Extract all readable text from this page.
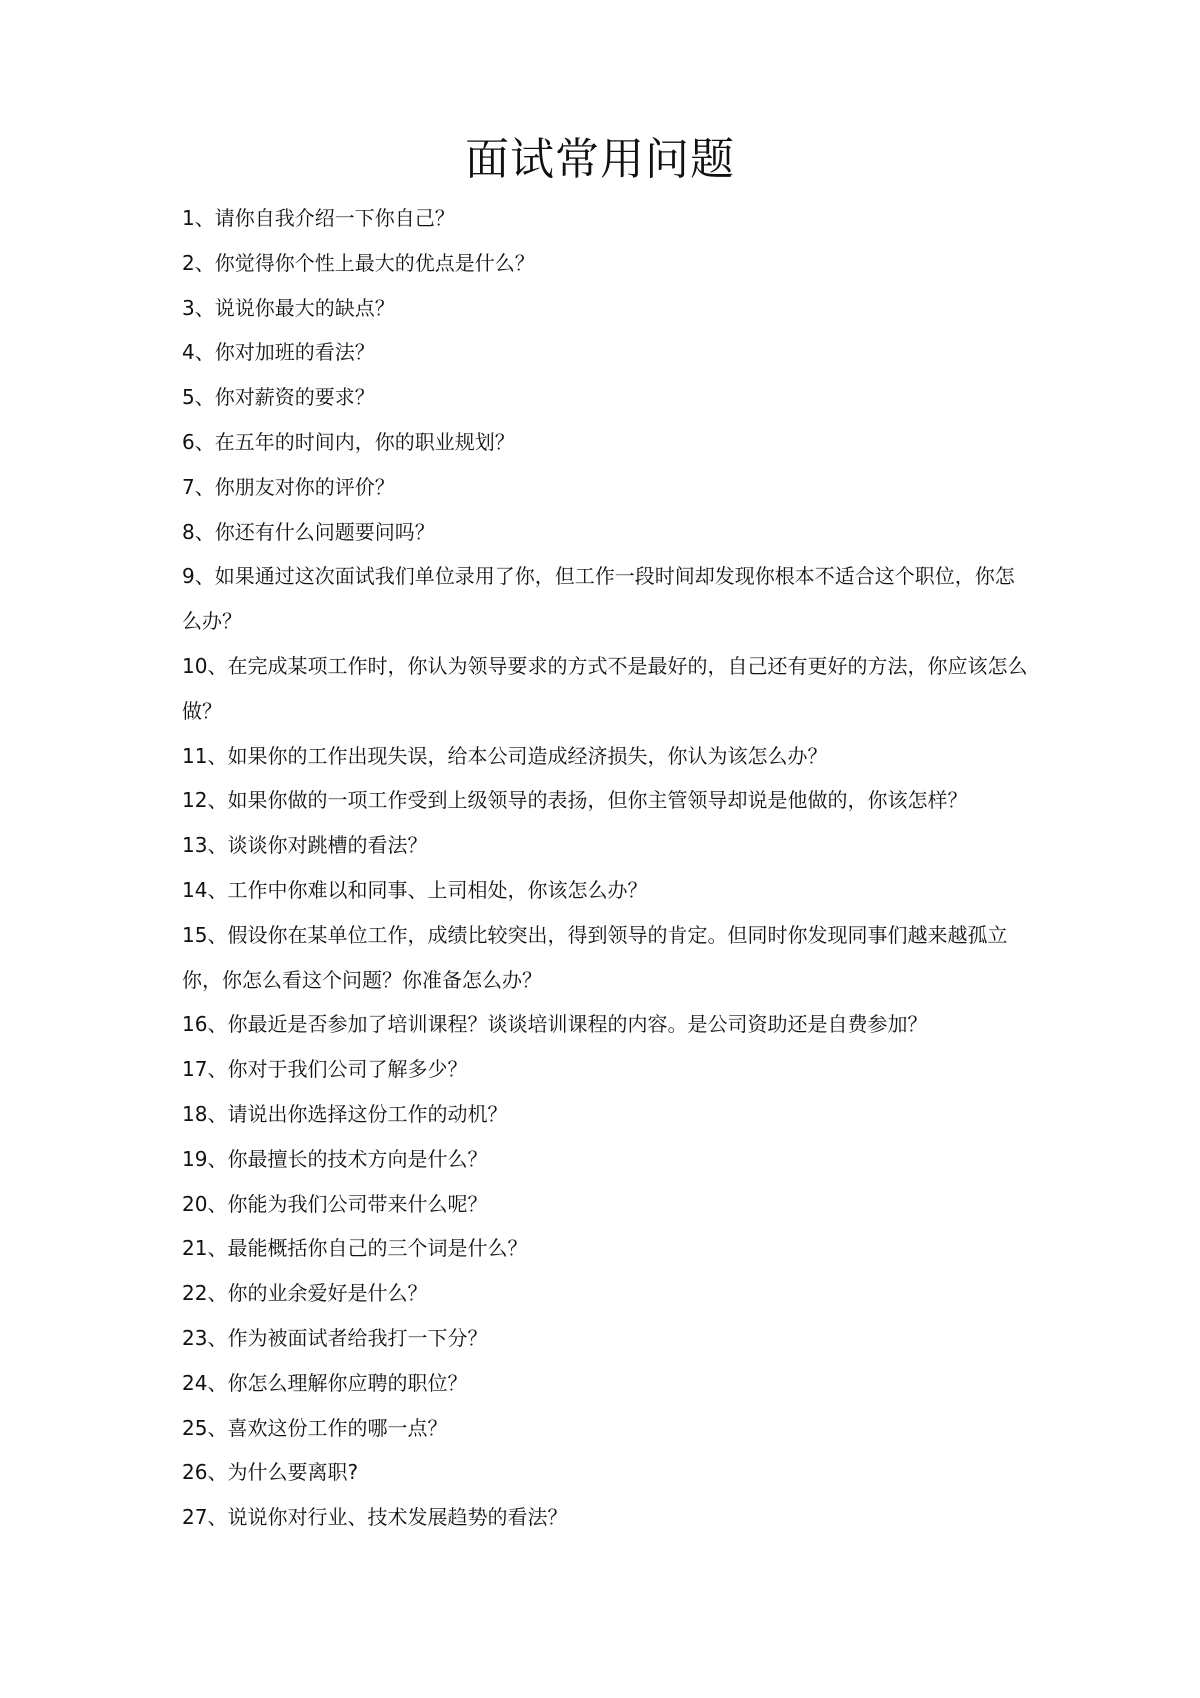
面试常用问题
1、请你自我介绍一下你自己？
2、你觉得你个性上最大的优点是什么？
3、说说你最大的缺点？
4、你对加班的看法？
5、你对薪资的要求？
6、在五年的时间内，你的职业规划？
7、你朋友对你的评价？
8、你还有什么问题要问吗？
9、如果通过这次面试我们单位录用了你，但工作一段时间却发现你根本不适合这个职位，你怎么办？
10、在完成某项工作时，你认为领导要求的方式不是最好的，自己还有更好的方法，你应该怎么做？
11、如果你的工作出现失误，给本公司造成经济损失，你认为该怎么办？
12、如果你做的一项工作受到上级领导的表扬，但你主管领导却说是他做的，你该怎样？
13、谈谈你对跳槽的看法？
14、工作中你难以和同事、上司相处，你该怎么办？
15、假设你在某单位工作，成绩比较突出，得到领导的肯定。但同时你发现同事们越来越孤立你，你怎么看这个问题？你准备怎么办？
16、你最近是否参加了培训课程？谈谈培训课程的内容。是公司资助还是自费参加？
17、你对于我们公司了解多少？
18、请说出你选择这份工作的动机？
19、你最擅长的技术方向是什么？
20、你能为我们公司带来什么呢？
21、最能概括你自己的三个词是什么？
22、你的业余爱好是什么？
23、作为被面试者给我打一下分？
24、你怎么理解你应聘的职位？
25、喜欢这份工作的哪一点？
26、为什么要离职?
27、说说你对行业、技术发展趋势的看法？
